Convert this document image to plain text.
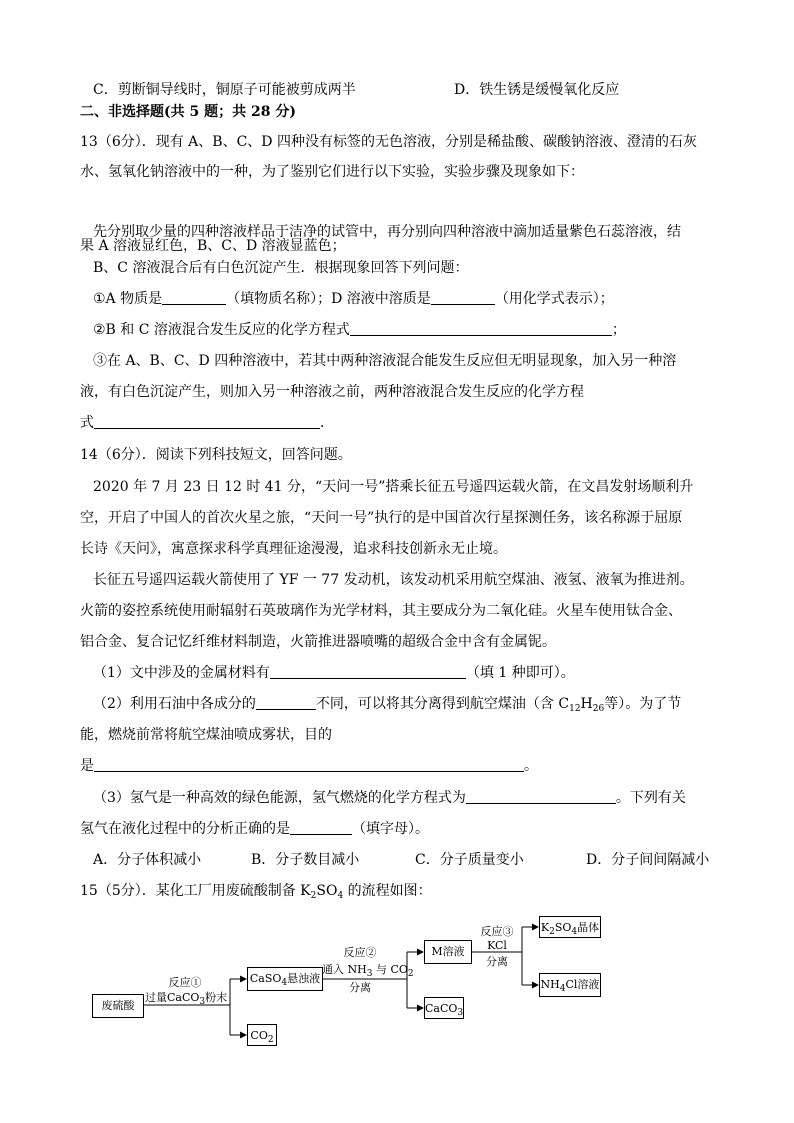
C．剪断铜导线时，铜原子可能被剪成两半	D．铁生锈是缓慢氧化反应
二、非选择题(共 5 题；共 28 分)
13（6分）．现有 A、B、C、D 四种没有标签的无色溶液，分别是稀盐酸、碳酸钠溶液、澄清的石灰
水、氢氧化钠溶液中的一种，为了鉴别它们进行以下实验，实验步骤及现象如下：
先分别取少量的四种溶液样品于洁净的试管中，再分别向四种溶液中滴加适量紫色石蕊溶液，结
果 A 溶液显红色，B、C、D 溶液显蓝色；
B、C 溶液混合后有白色沉淀产生．根据现象回答下列问题：
①A 物质是	（填物质名称）；D 溶液中溶质是	（用化学式表示）；
②B 和 C 溶液混合发生反应的化学方程式	；
③在 A、B、C、D 四种溶液中，若其中两种溶液混合能发生反应但无明显现象，加入另一种溶
液，有白色沉淀产生，则加入另一种溶液之前，两种溶液混合发生反应的化学方程
式	．
14（6分）．阅读下列科技短文，回答问题。
2020 年 7 月 23 日 12 时 41 分，“天问一号”搭乘长征五号遥四运载火箭，在文昌发射场顺利升
空，开启了中国人的首次火星之旅，“天问一号”执行的是中国首次行星探测任务，该名称源于屈原
长诗《天问》，寓意探求科学真理征途漫漫，追求科技创新永无止境。
长征五号遥四运载火箭使用了 YF 一 77 发动机，该发动机采用航空煤油、液氢、液氧为推进剂。
火箭的姿控系统使用耐辐射石英玻璃作为光学材料，其主要成分为二氧化硅。火星车使用钛合金、
铝合金、复合记忆纤维材料制造，火箭推进器喷嘴的超级合金中含有金属铌。
（1）文中涉及的金属材料有	（填 1 种即可）。
（2）利用石油中各成分的	不同，可以将其分离得到航空煤油（含 $C_{12}H_{26}$等）。为了节
能，燃烧前常将航空煤油喷成雾状，目的
是	。
（3）氢气是一种高效的绿色能源，氢气燃烧的化学方程式为	。下列有关
氢气在液化过程中的分析正确的是	（填字母）。
A．分子体积减小	B．分子数目减小	C．分子质量变小	D．分子间间隔减小
15（5分）．某化工厂用废硫酸制备 $K_2SO_4$ 的流程如图：
废硫酸
CaSO$_4$悬浊液
$CO_2$
M溶液
CaCO$_3$
$K_2SO_4$晶体
$NH_4Cl$溶液
反应①
过量CaCO$_3$粉末
反应②
通入 $NH_3$ 与 $CO_2$
分离
反应③
KCl
分离
